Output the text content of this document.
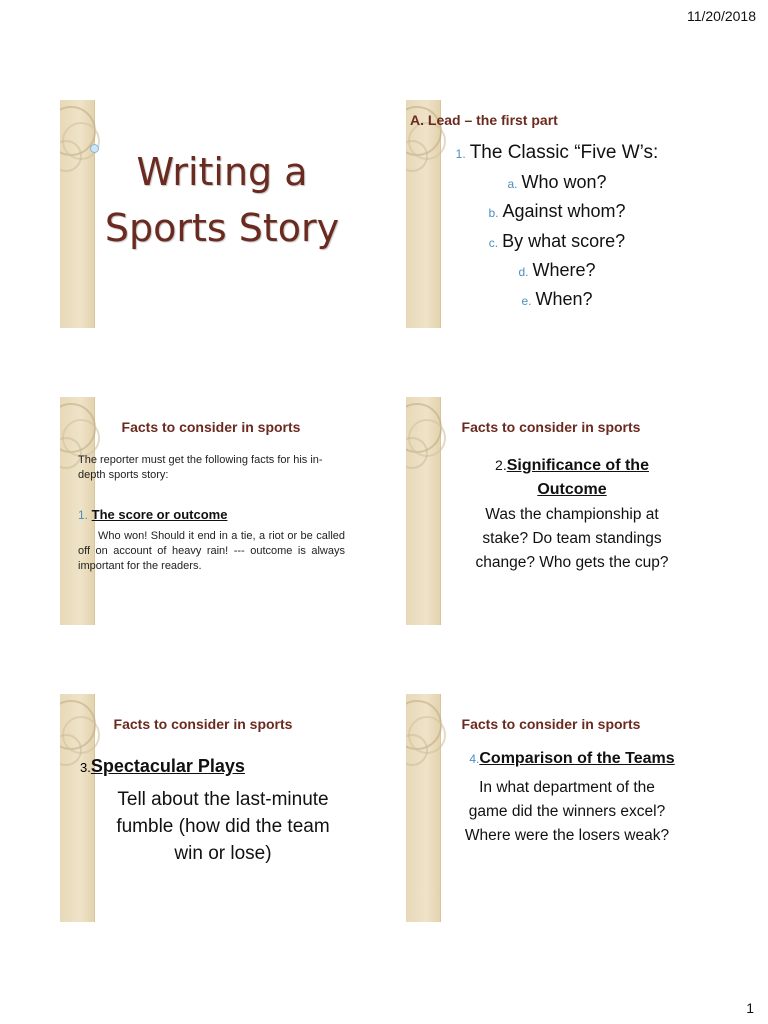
11/20/2018
Writing a
Sports Story
A. Lead – the first part
1. The Classic “Five W’s:
a. Who won?
b. Against whom?
c. By what score?
d. Where?
e. When?
Facts to consider in sports
The reporter must get the following facts for his in-depth sports story:
1. The score or outcome
Who won! Should it end in a tie, a riot or be called off on account of heavy rain! --- outcome is always important for the readers.
Facts to consider in sports
2.Significance of the
Outcome
Was the championship at
stake? Do team standings
change? Who gets the cup?
Facts to consider in sports
3.Spectacular Plays
Tell about the last-minute
fumble (how did the team
win or lose)
Facts to consider in sports
4.Comparison of the Teams
In what department of the
game did the winners excel?
Where were the losers weak?
1
